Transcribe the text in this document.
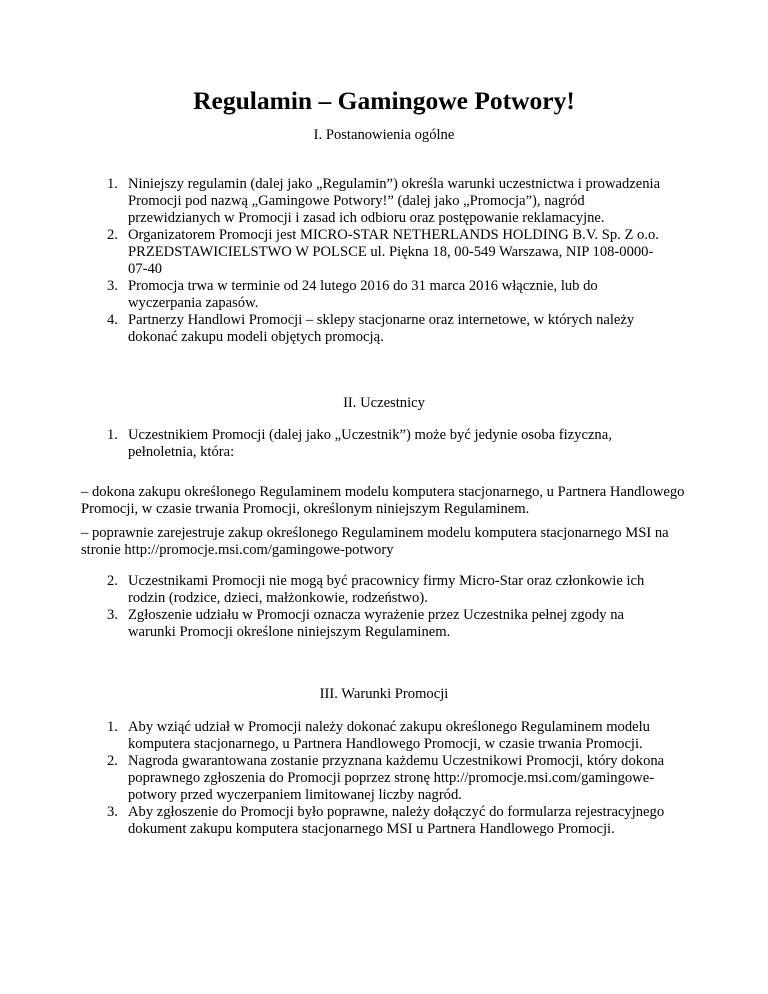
Regulamin – Gamingowe Potwory!
I. Postanowienia ogólne
1. Niniejszy regulamin (dalej jako „Regulamin”) określa warunki uczestnictwa i prowadzenia Promocji pod nazwą „Gamingowe Potwory!” (dalej jako „Promocja”), nagród przewidzianych w Promocji i zasad ich odbioru oraz postępowanie reklamacyjne.
2. Organizatorem Promocji jest MICRO-STAR NETHERLANDS HOLDING B.V. Sp. Z o.o. PRZEDSTAWICIELSTWO W POLSCE ul. Piękna 18, 00-549 Warszawa, NIP 108-0000-07-40
3. Promocja trwa w terminie od 24 lutego 2016 do 31 marca 2016 włącznie, lub do wyczerpania zapasów.
4. Partnerzy Handlowi Promocji – sklepy stacjonarne oraz internetowe, w których należy dokonać zakupu modeli objętych promocją.
II. Uczestnicy
1. Uczestnikiem Promocji (dalej jako „Uczestnik”) może być jedynie osoba fizyczna, pełnoletnia, która:

– dokona zakupu określonego Regulaminem modelu komputera stacjonarnego, u Partnera Handlowego Promocji, w czasie trwania Promocji, określonym niniejszym Regulaminem.

– poprawnie zarejestruje zakup określonego Regulaminem modelu komputera stacjonarnego MSI na stronie http://promocje.msi.com/gamingowe-potwory

2. Uczestnikami Promocji nie mogą być pracownicy firmy Micro-Star oraz członkowie ich rodzin (rodzice, dzieci, małżonkowie, rodzeństwo).
3. Zgłoszenie udziału w Promocji oznacza wyrażenie przez Uczestnika pełnej zgody na warunki Promocji określone niniejszym Regulaminem.
III. Warunki Promocji
1. Aby wziąć udział w Promocji należy dokonać zakupu określonego Regulaminem modelu komputera stacjonarnego, u Partnera Handlowego Promocji, w czasie trwania Promocji.
2. Nagroda gwarantowana zostanie przyznana każdemu Uczestnikowi Promocji, który dokona poprawnego zgłoszenia do Promocji poprzez stronę http://promocje.msi.com/gamingowe-potwory przed wyczerpaniem limitowanej liczby nagród.
3. Aby zgłoszenie do Promocji było poprawne, należy dołączyć do formularza rejestracyjnego dokument zakupu komputera stacjonarnego MSI u Partnera Handlowego Promocji.
